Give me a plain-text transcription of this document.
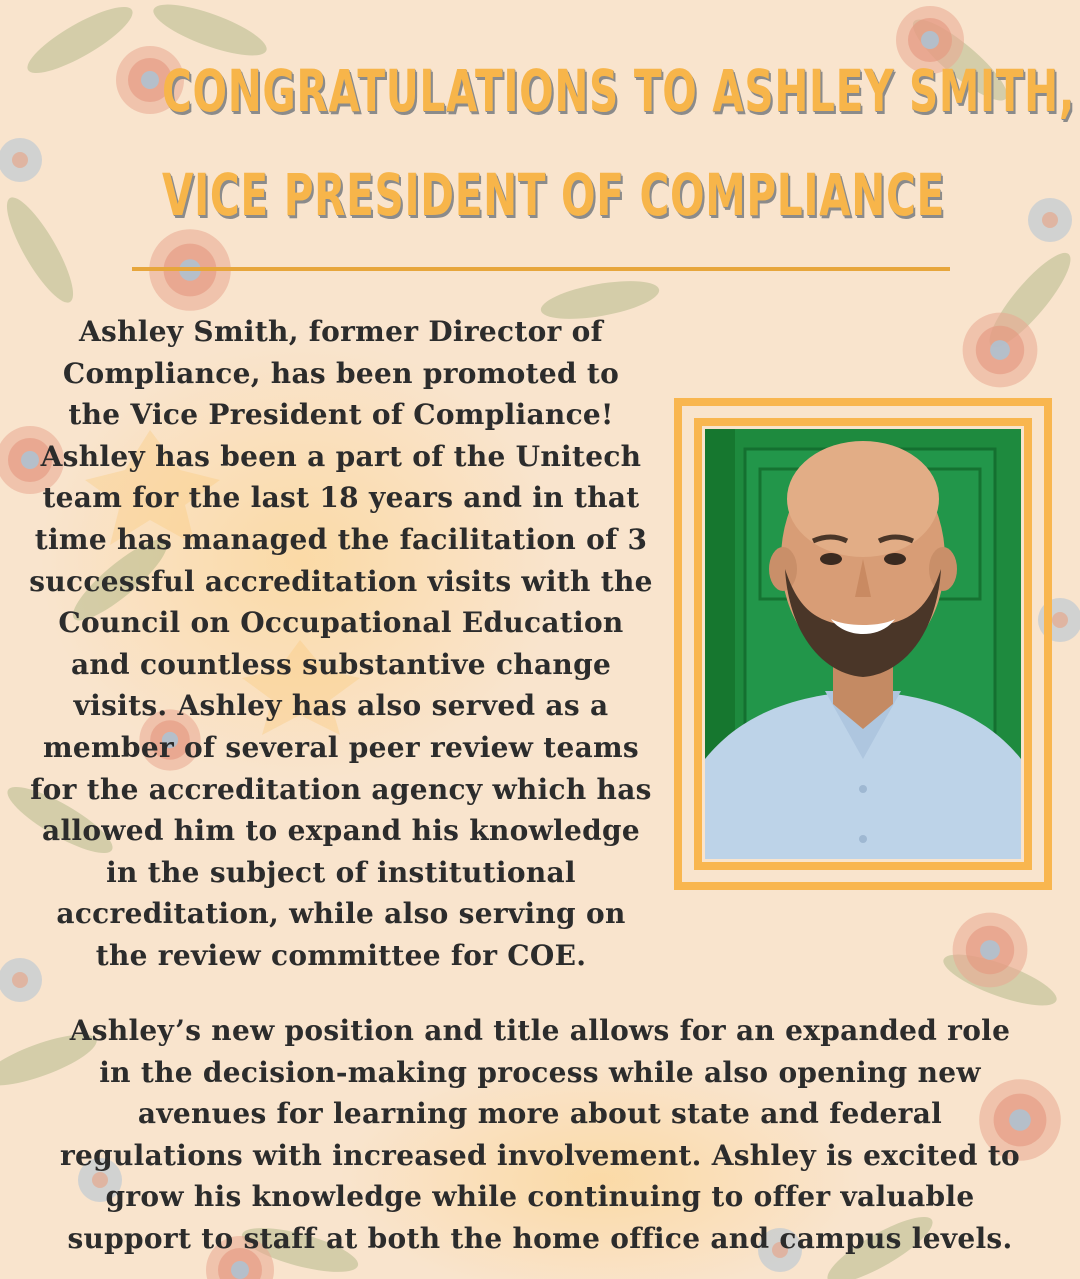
CONGRATULATIONS TO ASHLEY SMITH,
VICE PRESIDENT OF COMPLIANCE
Ashley Smith, former Director of
Compliance, has been promoted to
the Vice President of Compliance!
Ashley has been a part of the Unitech
team for the last 18 years and in that
time has managed the facilitation of 3
successful accreditation visits with the
Council on Occupational Education
and countless substantive change
visits. Ashley has also served as a
member of several peer review teams
for the accreditation agency which has
allowed him to expand his knowledge
in the subject of institutional
accreditation, while also serving on
the review committee for COE.
Ashley’s new position and title allows for an expanded role
in the decision-making process while also opening new
avenues for learning more about state and federal
regulations with increased involvement. Ashley is excited to
grow his knowledge while continuing to offer valuable
support to staff at both the home office and campus levels.
